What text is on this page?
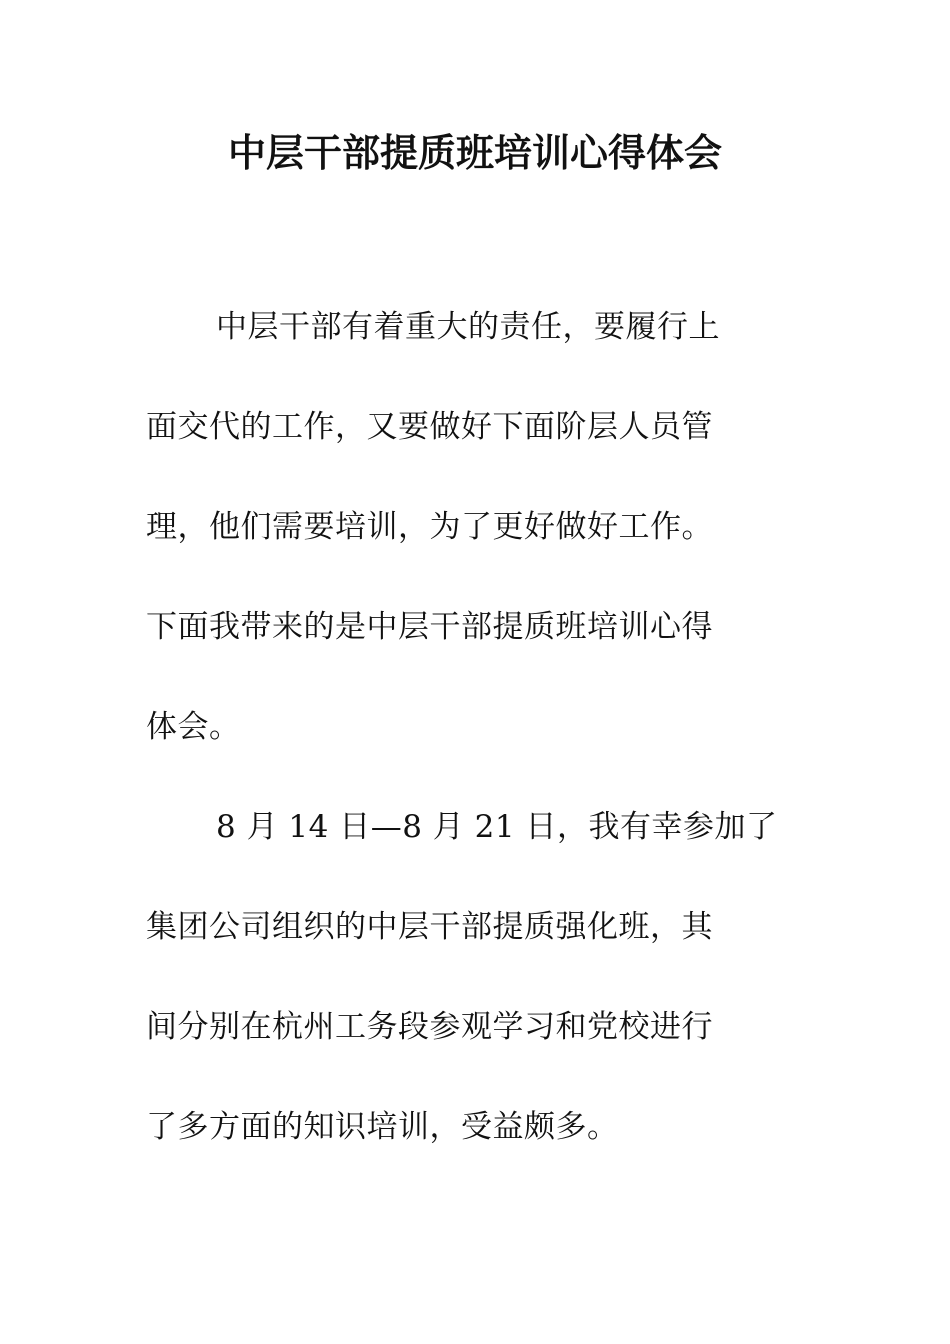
中层干部提质班培训心得体会
中层干部有着重大的责任，要履行上
面交代的工作，又要做好下面阶层人员管
理，他们需要培训，为了更好做好工作。
下面我带来的是中层干部提质班培训心得
体会。
8 月 14 日—8 月 21 日，我有幸参加了
集团公司组织的中层干部提质强化班，其
间分别在杭州工务段参观学习和党校进行
了多方面的知识培训，受益颇多。
